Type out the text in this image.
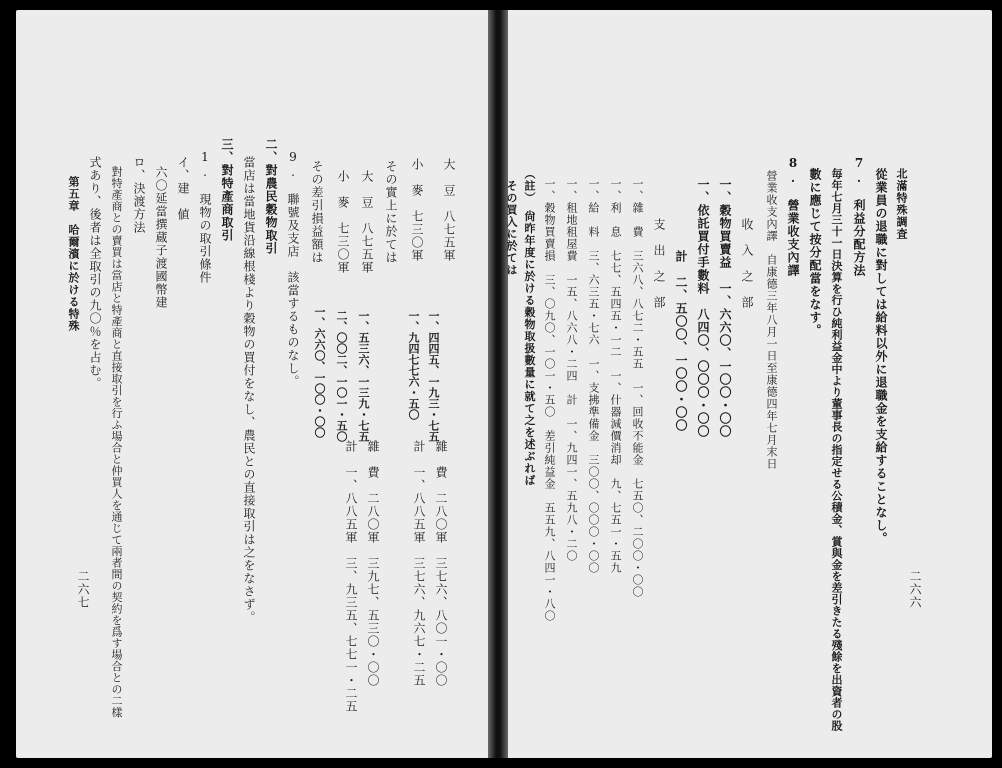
大　豆　八七五軍
一、四四五、一九三・七五
雜　費　二八〇軍　三七六、八〇一・〇〇
小　麥　七三〇軍
一、九四七七六・五〇
計　一、八八五軍　三七六、九六七・二五
その實上に於ては
大　豆　八七五軍
一、五三六、一三九・七五
雜　費　二八〇軍　三九七、五三〇・〇〇
小　麥　七三〇軍
二、〇〇二、一〇一・五〇
計　一、八八五軍　三、九三五、七七一・二五
その差引損益額は
一、六六〇、一〇〇・〇〇
9.　聯號及支店　該當するものなし。
二、對農民穀物取引
當店は當地貨沿線根棧より穀物の買付をなし、農民との直接取引は之をなさず。
三、對特產商取引
1.　現物の取引條件
イ、建　値
六〇延當撰蔵子渡國幣建
ロ、決渡方法
對特產商との賣買は當店と特產商と直接取引を行ふ場合と仲買人を通じて兩者間の契約を爲す場合との二樣
式あり、後者は全取引の九〇％を占む。
第五章　哈爾濱に於ける特殊
二六七
北滿特殊調査
從業員の退職に對しては給料以外に退職金を支給することなし。
7.　利益分配方法
毎年七月三十一日決算を行ひ純利益金中より董事長の指定せる公積金、賞與金を差引きたる殘餘を出資者の股
數に應じて按分配當をなす。
8.　營業收支內譯
營業收支內譯　自康德三年八月一日至康德四年七月末日
收　入　之　部
一、穀物買賣益　一、六六〇、一〇〇・〇〇
一、依託買付手數料　八四〇、〇〇〇・〇〇
計　二、五〇〇、一〇〇・〇〇
支　出　之　部
一、雜　費　三六八、八七二・五五　一、回收不能金　七五〇、二〇〇・〇〇
一、利　息　七七、五四五・一二　一、什器減價消却　九、七五一・五九
一、給　料　三、六三五・七六　一、支拂準備金　三〇〇、〇〇〇・〇〇
一、租地租屋費　一五、八六八・二四　計　一、九四一、五九八・二〇
一、穀物買賣損　三、〇九〇、一〇一・五〇　差引純益金　五五九、八四一・八〇
（註）　尙昨年度に於ける穀物取扱數量に就て之を述ぶれば
その買入に於ては
二六六
